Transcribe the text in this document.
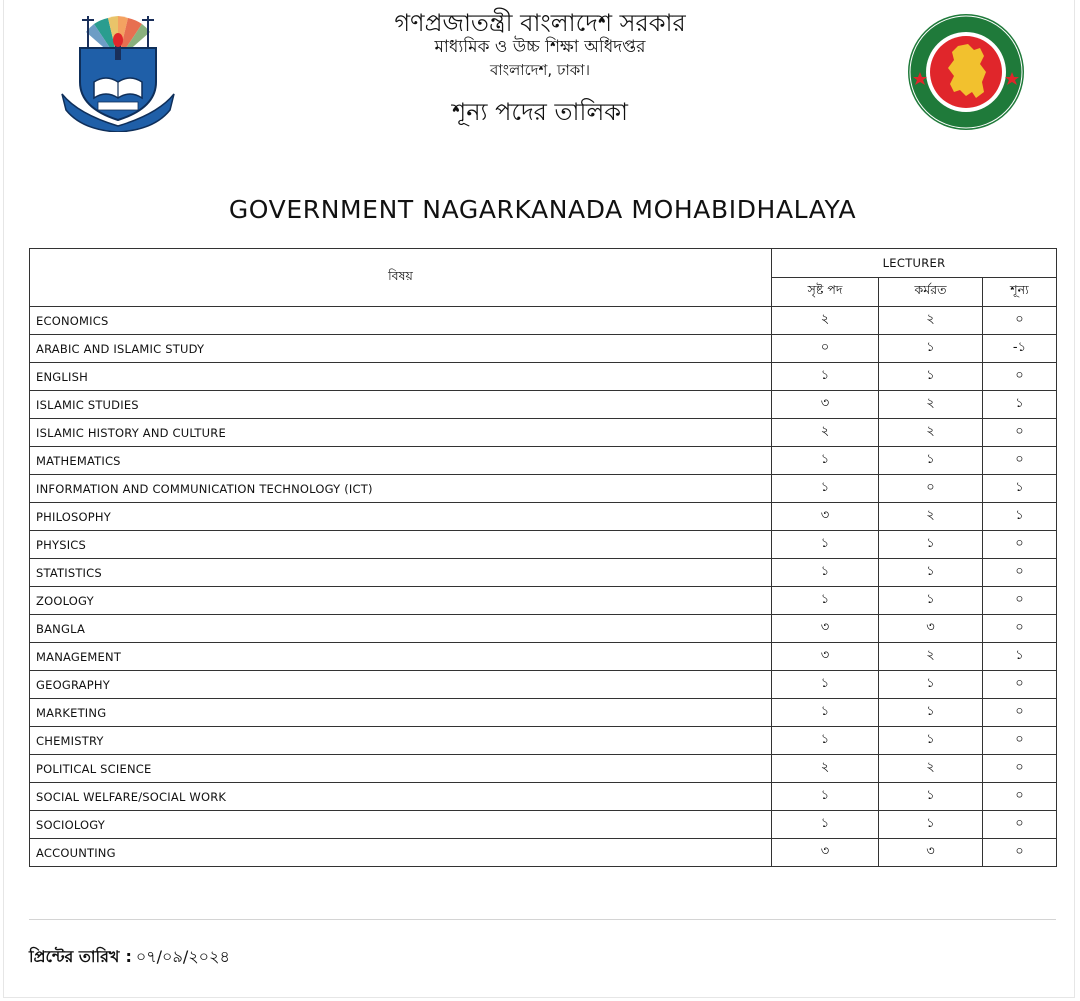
গণপ্রজাতন্ত্রী বাংলাদেশ সরকার
মাধ্যমিক ও উচ্চ শিক্ষা অধিদপ্তর
বাংলাদেশ, ঢাকা।
শূন্য পদের তালিকা
GOVERNMENT NAGARKANADA MOHABIDHALAYA
বিষয়	LECTURER		
	সৃষ্ট পদ	কর্মরত	শূন্য
ECONOMICS	২	২	০
ARABIC AND ISLAMIC STUDY	০	১	-১
ENGLISH	১	১	০
ISLAMIC STUDIES	৩	২	১
ISLAMIC HISTORY AND CULTURE	২	২	০
MATHEMATICS	১	১	০
INFORMATION AND COMMUNICATION TECHNOLOGY (ICT)	১	০	১
PHILOSOPHY	৩	২	১
PHYSICS	১	১	০
STATISTICS	১	১	০
ZOOLOGY	১	১	০
BANGLA	৩	৩	০
MANAGEMENT	৩	২	১
GEOGRAPHY	১	১	০
MARKETING	১	১	০
CHEMISTRY	১	১	০
POLITICAL SCIENCE	২	২	০
SOCIAL WELFARE/SOCIAL WORK	১	১	০
SOCIOLOGY	১	১	০
ACCOUNTING	৩	৩	০
প্রিন্টের তারিখ : ০৭/০৯/২০২৪
